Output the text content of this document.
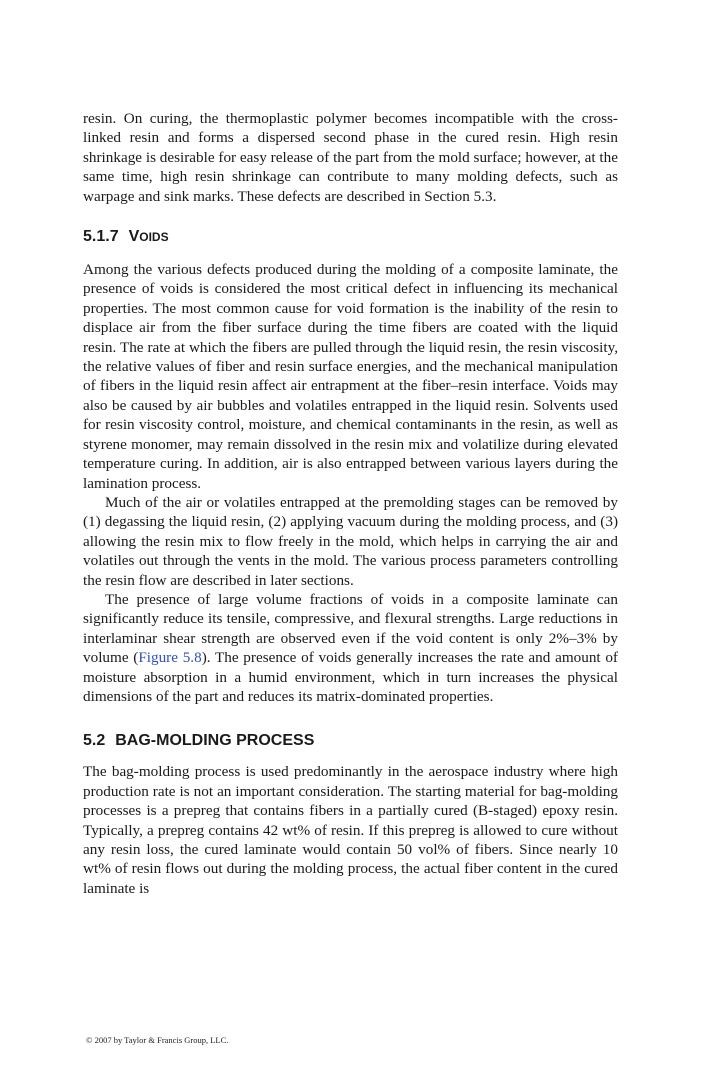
resin. On curing, the thermoplastic polymer becomes incompatible with the cross-linked resin and forms a dispersed second phase in the cured resin. High resin shrinkage is desirable for easy release of the part from the mold surface; however, at the same time, high resin shrinkage can contribute to many molding defects, such as warpage and sink marks. These defects are described in Section 5.3.

5.1.7 VOIDS

Among the various defects produced during the molding of a composite laminate, the presence of voids is considered the most critical defect in influencing its mechanical properties. The most common cause for void formation is the inability of the resin to displace air from the fiber surface during the time fibers are coated with the liquid resin. The rate at which the fibers are pulled through the liquid resin, the resin viscosity, the relative values of fiber and resin surface energies, and the mechanical manipulation of fibers in the liquid resin affect air entrapment at the fiber–resin interface. Voids may also be caused by air bubbles and volatiles entrapped in the liquid resin. Solvents used for resin viscosity control, moisture, and chemical contaminants in the resin, as well as styrene monomer, may remain dissolved in the resin mix and volatilize during elevated temperature curing. In addition, air is also entrapped between various layers during the lamination process.

Much of the air or volatiles entrapped at the premolding stages can be removed by (1) degassing the liquid resin, (2) applying vacuum during the molding process, and (3) allowing the resin mix to flow freely in the mold, which helps in carrying the air and volatiles out through the vents in the mold. The various process parameters controlling the resin flow are described in later sections.

The presence of large volume fractions of voids in a composite laminate can significantly reduce its tensile, compressive, and flexural strengths. Large reductions in interlaminar shear strength are observed even if the void content is only 2%–3% by volume (Figure 5.8). The presence of voids generally increases the rate and amount of moisture absorption in a humid environment, which in turn increases the physical dimensions of the part and reduces its matrix-dominated properties.

5.2 BAG-MOLDING PROCESS

The bag-molding process is used predominantly in the aerospace industry where high production rate is not an important consideration. The starting material for bag-molding processes is a prepreg that contains fibers in a partially cured (B-staged) epoxy resin. Typically, a prepreg contains 42 wt% of resin. If this prepreg is allowed to cure without any resin loss, the cured laminate would contain 50 vol% of fibers. Since nearly 10 wt% of resin flows out during the molding process, the actual fiber content in the cured laminate is

© 2007 by Taylor & Francis Group, LLC.
